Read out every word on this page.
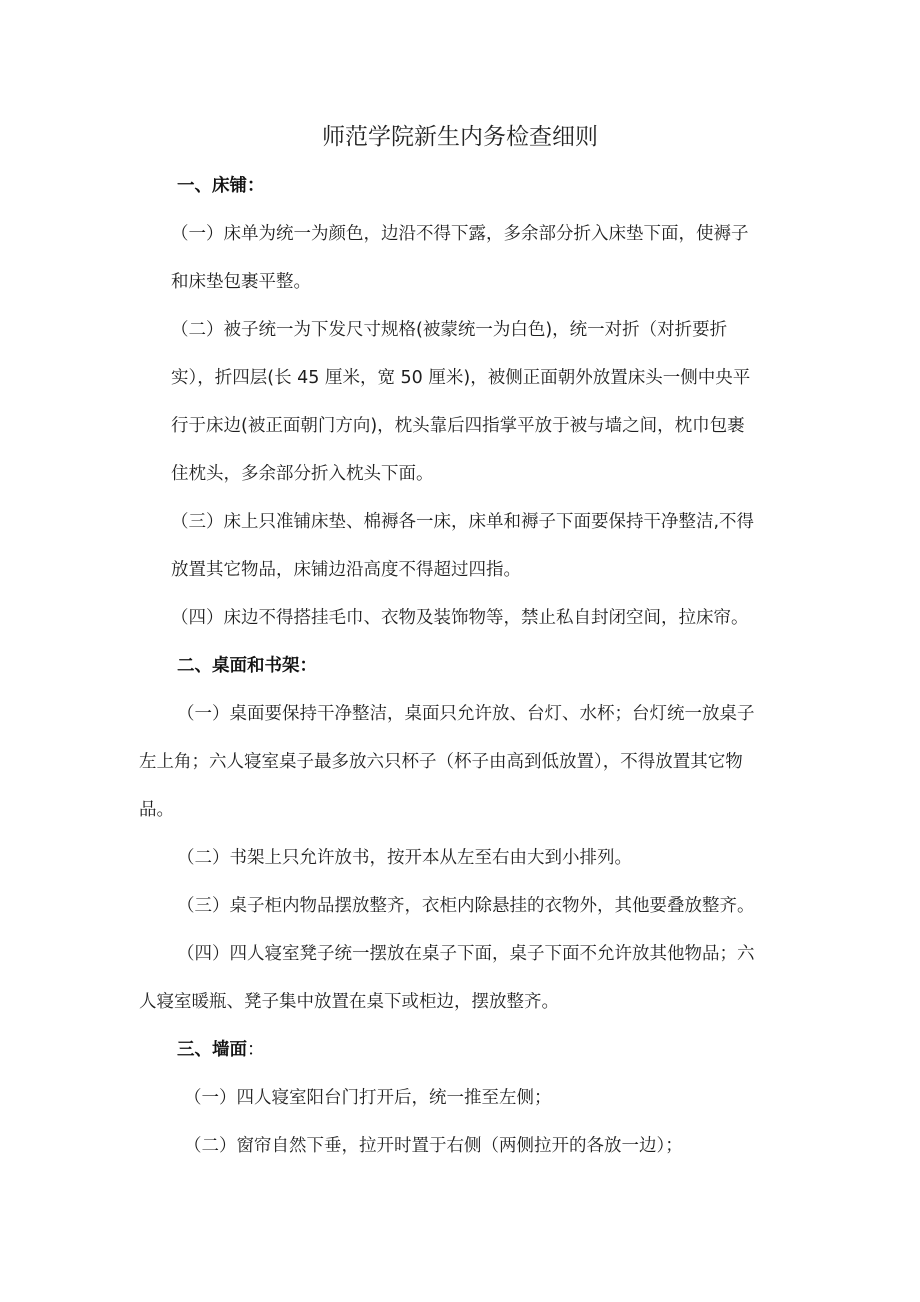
师范学院新生内务检查细则
一、床铺：
（一）床单为统一为颜色，边沿不得下露，多余部分折入床垫下面，使褥子
和床垫包裹平整。
（二）被子统一为下发尺寸规格(被蒙统一为白色)，统一对折（对折要折
实），折四层(长 45 厘米，宽 50 厘米)，被侧正面朝外放置床头一侧中央平
行于床边(被正面朝门方向)，枕头靠后四指掌平放于被与墙之间，枕巾包裹
住枕头，多余部分折入枕头下面。
（三）床上只准铺床垫、棉褥各一床，床单和褥子下面要保持干净整洁,不得
放置其它物品，床铺边沿高度不得超过四指。
（四）床边不得搭挂毛巾、衣物及装饰物等，禁止私自封闭空间，拉床帘。
二、桌面和书架：
（一）桌面要保持干净整洁，桌面只允许放、台灯、水杯；台灯统一放桌子
左上角；六人寝室桌子最多放六只杯子（杯子由高到低放置），不得放置其它物
品。
（二）书架上只允许放书，按开本从左至右由大到小排列。
（三）桌子柜内物品摆放整齐，衣柜内除悬挂的衣物外，其他要叠放整齐。
（四）四人寝室凳子统一摆放在桌子下面，桌子下面不允许放其他物品；六
人寝室暖瓶、凳子集中放置在桌下或柜边，摆放整齐。
三、墙面：
（一）四人寝室阳台门打开后，统一推至左侧；
（二）窗帘自然下垂，拉开时置于右侧（两侧拉开的各放一边）；
